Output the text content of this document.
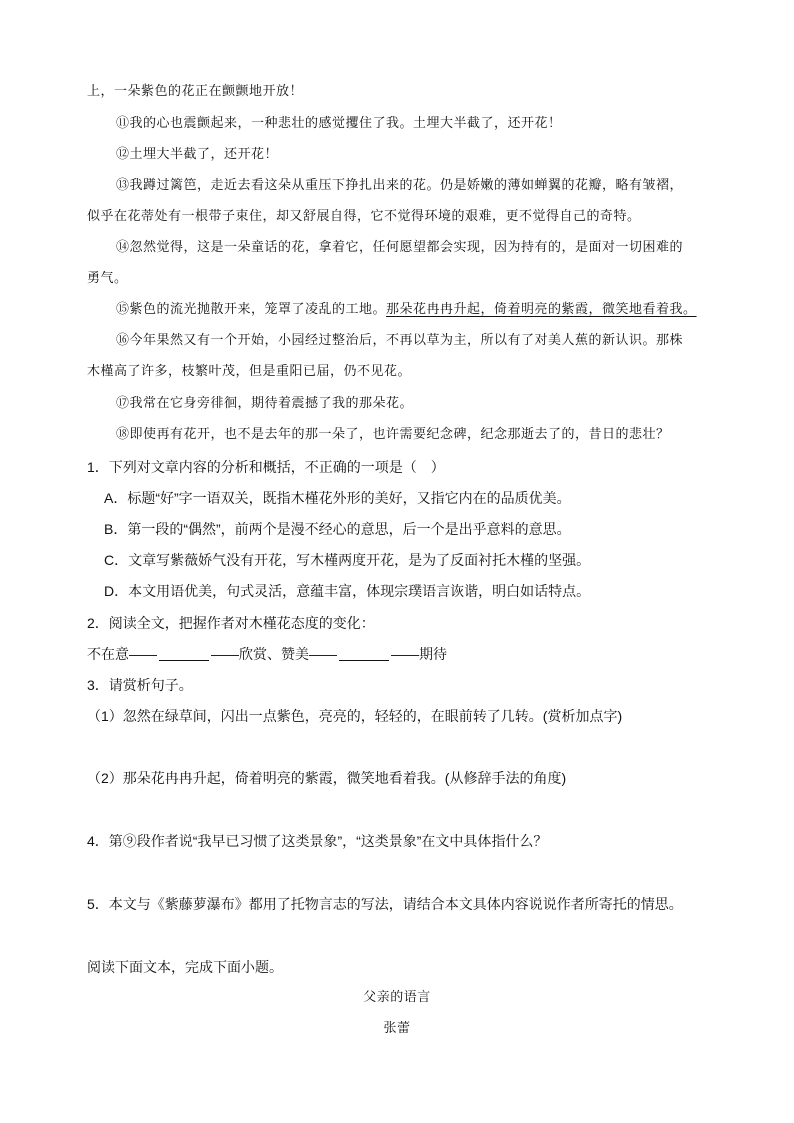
上，一朵紫色的花正在颤颤地开放！
⑪我的心也震颤起来，一种悲壮的感觉攫住了我。土埋大半截了，还开花！
⑫土埋大半截了，还开花！
⑬我蹲过篱笆，走近去看这朵从重压下挣扎出来的花。仍是娇嫩的薄如蝉翼的花瓣，略有皱褶，
似乎在花蒂处有一根带子束住，却又舒展自得，它不觉得环境的艰难，更不觉得自己的奇特。
⑭忽然觉得，这是一朵童话的花，拿着它，任何愿望都会实现，因为持有的，是面对一切困难的
勇气。
⑮紫色的流光抛散开来，笼罩了凌乱的工地。那朵花冉冉升起，倚着明亮的紫霞，微笑地看着我。
⑯今年果然又有一个开始，小园经过整治后，不再以草为主，所以有了对美人蕉的新认识。那株
木槿高了许多，枝繁叶茂，但是重阳已届，仍不见花。
⑰我常在它身旁徘徊，期待着震撼了我的那朵花。
⑱即使再有花开，也不是去年的那一朵了，也许需要纪念碑，纪念那逝去了的，昔日的悲壮？
1．下列对文章内容的分析和概括，不正确的一项是（　）
A．标题“好”字一语双关，既指木槿花外形的美好，又指它内在的品质优美。
B．第一段的“偶然”，前两个是漫不经心的意思，后一个是出乎意料的意思。
C．文章写紫薇娇气没有开花，写木槿两度开花，是为了反面衬托木槿的坚强。
D．本文用语优美，句式灵活，意蕴丰富，体现宗璞语言诙谐，明白如话特点。
2．阅读全文，把握作者对木槿花态度的变化：
不在意——	——欣赏、赞美——	——期待
3．请赏析句子。
（1）忽然在绿草间，闪出一点紫色，亮亮的，轻轻的，在眼前转了几转。(赏析加点字)
（2）那朵花冉冉升起，倚着明亮的紫霞，微笑地看着我。(从修辞手法的角度)
4．第⑨段作者说“我早已习惯了这类景象”，“这类景象”在文中具体指什么？
5．本文与《紫藤萝瀑布》都用了托物言志的写法，请结合本文具体内容说说作者所寄托的情思。
阅读下面文本，完成下面小题。
父亲的语言
张蕾
